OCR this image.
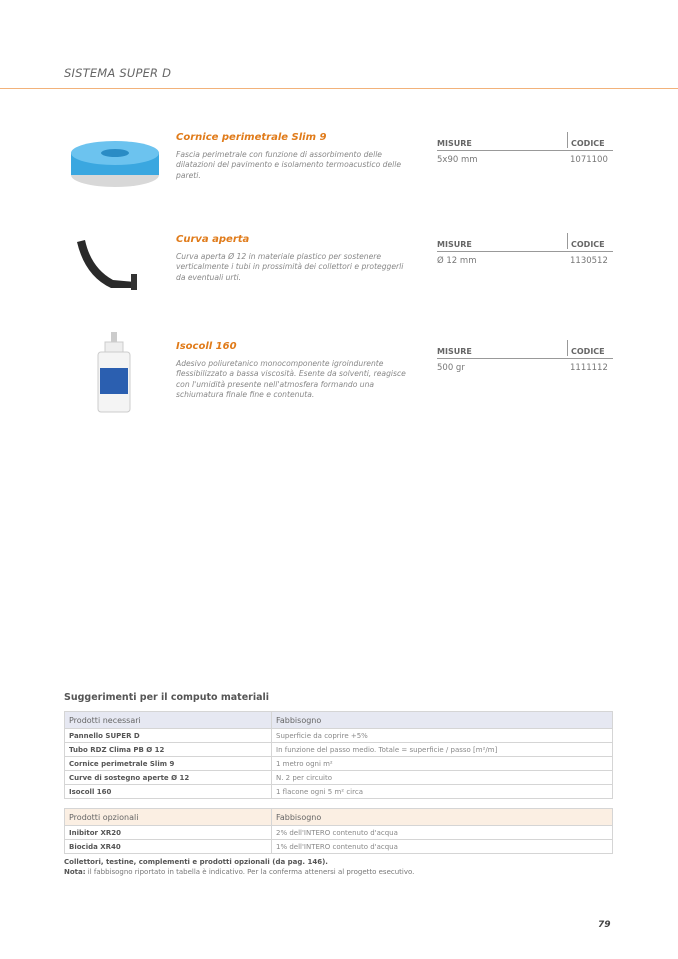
SISTEMA SUPER D
Cornice perimetrale Slim 9
Fascia perimetrale con funzione di assorbimento delle dilatazioni del pavimento e isolamento termoacustico delle pareti.
MISURE	CODICE
5x90 mm	1071100
Curva aperta
Curva aperta Ø 12 in materiale plastico per sostenere verticalmente i tubi in prossimità dei collettori e proteggerli da eventuali urti.
MISURE	CODICE
Ø 12 mm	1130512
Isocoll 160
Adesivo poliuretanico monocomponente igroindurente flessibilizzato a bassa viscosità. Esente da solventi, reagisce con l'umidità presente nell'atmosfera formando una schiumatura finale fine e contenuta.
MISURE	CODICE
500 gr	1111112
Suggerimenti per il computo materiali
Prodotti necessari	Fabbisogno
Pannello SUPER D	Superficie da coprire +5%
Tubo RDZ Clima PB Ø 12	In funzione del passo medio. Totale = superficie / passo [m²/m]
Cornice perimetrale Slim 9	1 metro ogni m²
Curve di sostegno aperte Ø 12	N. 2 per circuito
Isocoll 160	1 flacone ogni 5 m² circa
Prodotti opzionali	Fabbisogno
Inibitor XR20	2% dell'INTERO contenuto d'acqua
Biocida XR40	1% dell'INTERO contenuto d'acqua
Collettori, testine, complementi e prodotti opzionali (da pag. 146).
Nota: il fabbisogno riportato in tabella è indicativo. Per la conferma attenersi al progetto esecutivo.
79
